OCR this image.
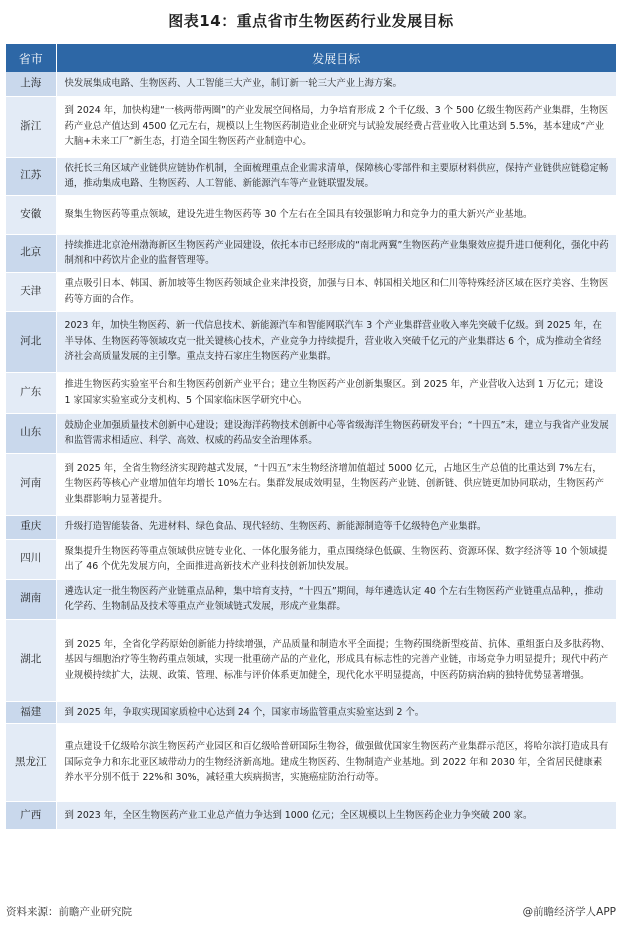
图表14：重点省市生物医药行业发展目标
省市	发展目标
上海	快发展集成电路、生物医药、人工智能三大产业，制订新一轮三大产业上海方案。
浙江	到 2024 年，加快构建“一核两带两圈”的产业发展空间格局，力争培育形成 2 个千亿级、3 个 500 亿级生物医药产业集群，生物医药产业总产值达到 4500 亿元左右，规模以上生物医药制造业企业研究与试验发展经费占营业收入比重达到 5.5%，基本建成“产业大脑+未来工厂”新生态，打造全国生物医药产业制造中心。
江苏	依托长三角区域产业链供应链协作机制，全面梳理重点企业需求清单，保障核心零部件和主要原材料供应，保持产业链供应链稳定畅通，推动集成电路、生物医药、人工智能、新能源汽车等产业链联盟发展。
安徽	聚集生物医药等重点领域，建设先进生物医药等 30 个左右在全国具有较强影响力和竞争力的重大新兴产业基地。
北京	持续推进北京沧州渤海新区生物医药产业园建设，依托本市已经形成的“南北两翼”生物医药产业集聚效应提升进口便利化，强化中药制剂和中药饮片企业的监督管理等。
天津	重点吸引日本、韩国、新加坡等生物医药领域企业来津投资，加强与日本、韩国相关地区和仁川等特殊经济区域在医疗美容、生物医药等方面的合作。
河北	2023 年，加快生物医药、新一代信息技术、新能源汽车和智能网联汽车 3 个产业集群营业收入率先突破千亿级。到 2025 年，在半导体、生物医药等领域攻克一批关键核心技术，产业竞争力持续提升，营业收入突破千亿元的产业集群达 6 个，成为推动全省经济社会高质量发展的主引擎。重点支持石家庄生物医药产业集群。
广东	推进生物医药实验室平台和生物医药创新产业平台；建立生物医药产业创新集聚区。到 2025 年，产业营收入达到 1 万亿元；建设 1 家国家实验室或分支机构、5 个国家临床医学研究中心。
山东	鼓励企业加强质量技术创新中心建设；建设海洋药物技术创新中心等省级海洋生物医药研发平台；“十四五”末，建立与我省产业发展和监管需求相适应、科学、高效、权威的药品安全治理体系。
河南	到 2025 年，全省生物经济实现跨越式发展，“十四五”末生物经济增加值超过 5000 亿元，占地区生产总值的比重达到 7%左右，生物医药等核心产业增加值年均增长 10%左右。集群发展成效明显，生物医药产业链、创新链、供应链更加协同联动，生物医药产业集群影响力显著提升。
重庆	升级打造智能装备、先进材料、绿色食品、现代轻纺、生物医药、新能源制造等千亿级特色产业集群。
四川	聚集提升生物医药等重点领域供应链专业化、一体化服务能力，重点围绕绿色低碳、生物医药、资源环保、数字经济等 10 个领域提出了 46 个优先发展方向，全面推进高新技术产业科技创新加快发展。
湖南	遴选认定一批生物医药产业链重点品种，集中培育支持，“十四五”期间，每年遴选认定 40 个左右生物医药产业链重点品种，，推动化学药、生物制品及技术等重点产业领域链式发展，形成产业集群。
湖北	到 2025 年，全省化学药原始创新能力持续增强，产品质量和制造水平全面提；生物药围绕新型疫苗、抗体、重组蛋白及多肽药物、基因与细胞治疗等生物药重点领域，实现一批重磅产品的产业化，形成具有标志性的完善产业链，市场竞争力明显提升；现代中药产业规模持续扩大，法规、政策、管理、标准与评价体系更加健全，现代化水平明显提高，中医药防病治病的独特优势显著增强。
福建	到 2025 年，争取实现国家质检中心达到 24 个，国家市场监管重点实验室达到 2 个。
黑龙江	重点建设千亿级哈尔滨生物医药产业园区和百亿级哈普研国际生物谷，做强做优国家生物医药产业集群示范区，将哈尔滨打造成具有国际竞争力和东北亚区域带动力的生物经济新高地。建成生物医药、生物制造产业基地。到 2022 年和 2030 年，全省居民健康素养水平分别不低于 22%和 30%，减轻重大疾病损害，实施癌症防治行动等。
广西	到 2023 年，全区生物医药产业工业总产值力争达到 1000 亿元；全区规模以上生物医药企业力争突破 200 家。
资料来源：前瞻产业研究院	@前瞻经济学人APP
